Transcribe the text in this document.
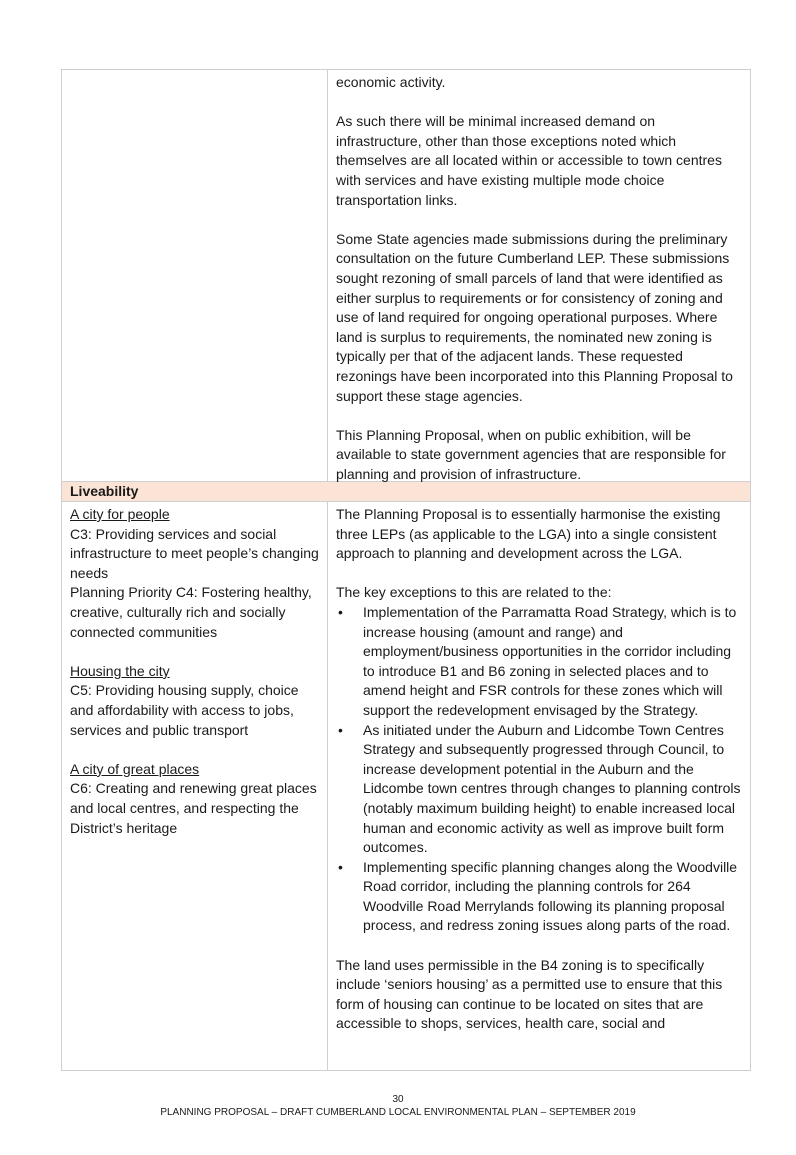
economic activity.

As such there will be minimal increased demand on infrastructure, other than those exceptions noted which themselves are all located within or accessible to town centres with services and have existing multiple mode choice transportation links.

Some State agencies made submissions during the preliminary consultation on the future Cumberland LEP. These submissions sought rezoning of small parcels of land that were identified as either surplus to requirements or for consistency of zoning and use of land required for ongoing operational purposes. Where land is surplus to requirements, the nominated new zoning is typically per that of the adjacent lands. These requested rezonings have been incorporated into this Planning Proposal to support these stage agencies.

This Planning Proposal, when on public exhibition, will be available to state government agencies that are responsible for planning and provision of infrastructure.

Liveability

A city for people

C3: Providing services and social infrastructure to meet people’s changing needs

Planning Priority C4: Fostering healthy, creative, culturally rich and socially connected communities

Housing the city

C5: Providing housing supply, choice and affordability with access to jobs, services and public transport

A city of great places

C6: Creating and renewing great places and local centres, and respecting the District’s heritage

The Planning Proposal is to essentially harmonise the existing three LEPs (as applicable to the LGA) into a single consistent approach to planning and development across the LGA.

The key exceptions to this are related to the:

• Implementation of the Parramatta Road Strategy, which is to increase housing (amount and range) and employment/business opportunities in the corridor including to introduce B1 and B6 zoning in selected places and to amend height and FSR controls for these zones which will support the redevelopment envisaged by the Strategy.
• As initiated under the Auburn and Lidcombe Town Centres Strategy and subsequently progressed through Council, to increase development potential in the Auburn and the Lidcombe town centres through changes to planning controls (notably maximum building height) to enable increased local human and economic activity as well as improve built form outcomes.
• Implementing specific planning changes along the Woodville Road corridor, including the planning controls for 264 Woodville Road Merrylands following its planning proposal process, and redress zoning issues along parts of the road.

The land uses permissible in the B4 zoning is to specifically include ‘seniors housing’ as a permitted use to ensure that this form of housing can continue to be located on sites that are accessible to shops, services, health care, social and

30
PLANNING PROPOSAL – DRAFT CUMBERLAND LOCAL ENVIRONMENTAL PLAN – SEPTEMBER 2019
